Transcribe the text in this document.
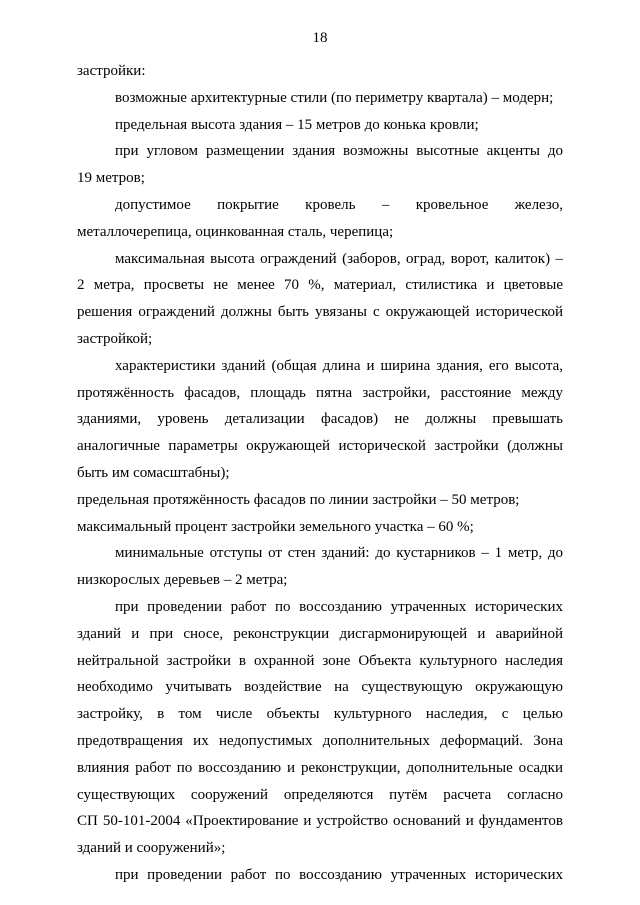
18
застройки:
возможные архитектурные стили (по периметру квартала) – модерн;
предельная высота здания – 15 метров до конька кровли;
при угловом размещении здания возможны высотные акценты до
19 метров;
допустимое покрытие кровель – кровельное железо,
металлочерепица, оцинкованная сталь, черепица;
максимальная высота ограждений (заборов, оград, ворот, калиток) –
2 метра, просветы не менее 70 %, материал, стилистика и цветовые
решения ограждений должны быть увязаны с окружающей исторической
застройкой;
характеристики зданий (общая длина и ширина здания, его высота,
протяжённость фасадов, площадь пятна застройки, расстояние между
зданиями, уровень детализации фасадов) не должны превышать
аналогичные параметры окружающей исторической застройки (должны
быть им сомасштабны);
предельная протяжённость фасадов по линии застройки – 50 метров;
максимальный процент застройки земельного участка – 60 %;
минимальные отступы от стен зданий: до кустарников – 1 метр, до
низкорослых деревьев – 2 метра;
при проведении работ по воссозданию утраченных исторических
зданий и при сносе, реконструкции дисгармонирующей и аварийной
нейтральной застройки в охранной зоне Объекта культурного наследия
необходимо учитывать воздействие на существующую окружающую
застройку, в том числе объекты культурного наследия, с целью
предотвращения их недопустимых дополнительных деформаций. Зона
влияния работ по воссозданию и реконструкции, дополнительные осадки
существующих сооружений определяются путём расчета согласно
СП 50-101-2004 «Проектирование и устройство оснований и фундаментов
зданий и сооружений»;
при проведении работ по воссозданию утраченных исторических
